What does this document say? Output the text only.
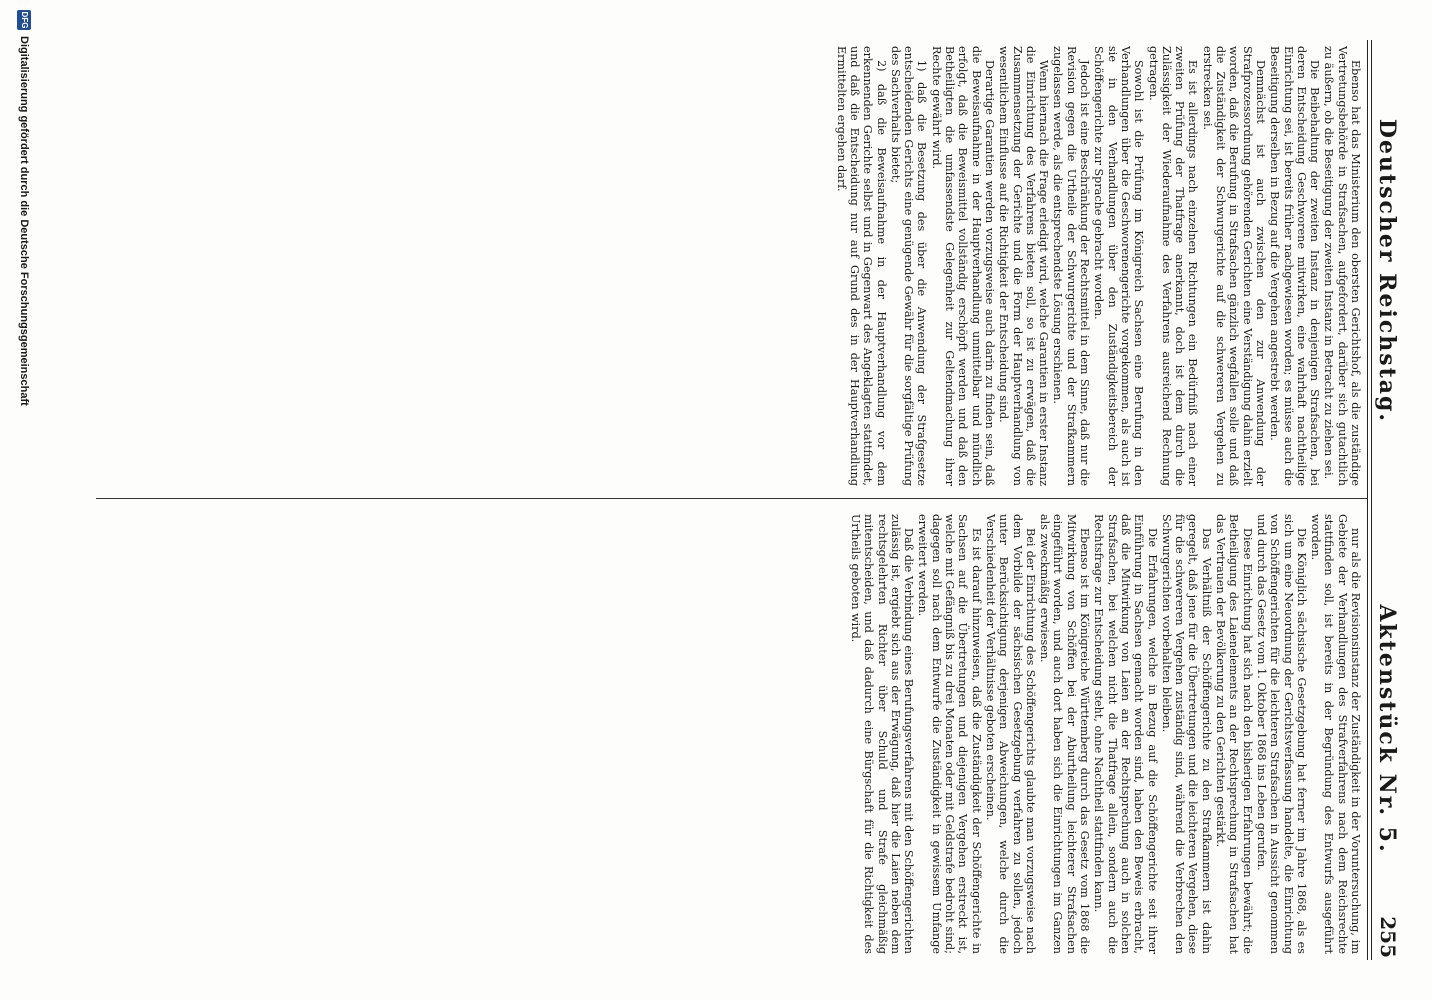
Deutscher Reichstag.
Aktenstück Nr. 5.
255

Ebenso hat das Ministerium den obersten Gerichtshof, als die zuständige Vertretungsbehörde in Strafsachen, aufgefordert, darüber sich gutachtlich zu äußern, ob die Beseitigung der zweiten Instanz in Betracht zu ziehen sei.

Die Beibehaltung der zweiten Instanz in denjenigen Strafsachen, bei deren Entscheidung Geschworene mitwirken, eine wahrhaft nachtheilige Einrichtung sei, ist bereits früher nachgewiesen worden; es müsse auch die Beseitigung derselben in Bezug auf die Vergehen angestrebt werden.

Demnächst ist auch zwischen den zur Anwendung der Strafprozessordnung gehörenden Gerichten eine Verständigung dahin erzielt worden, daß die Berufung in Strafsachen gänzlich wegfallen solle und daß die Zuständigkeit der Schwurgerichte auf die schwereren Vergehen zu erstrecken sei.

Es ist allerdings nach einzelnen Richtungen ein Bedürfniß nach einer zweiten Prüfung der Thatfrage anerkannt, doch ist dem durch die Zulässigkeit der Wiederaufnahme des Verfahrens ausreichend Rechnung getragen.

Sowohl ist die Prüfung im Königreich Sachsen eine Berufung in den Verhandlungen über die Geschworenengerichte vorgekommen, als auch ist sie in den Verhandlungen über den Zuständigkeitsbereich der Schöffengerichte zur Sprache gebracht worden.

Jedoch ist eine Beschränkung der Rechtsmittel in dem Sinne, daß nur die Revision gegen die Urtheile der Schwurgerichte und der Strafkammern zugelassen werde, als die entsprechendste Lösung erschienen.

Wenn hiernach die Frage erledigt wird, welche Garantien in erster Instanz die Einrichtung des Verfahrens bieten soll, so ist zu erwägen, daß die Zusammensetzung der Gerichte und die Form der Hauptverhandlung von wesentlichem Einflusse auf die Richtigkeit der Entscheidung sind.

Derartige Garantien werden vorzugsweise auch darin zu finden sein, daß die Beweisaufnahme in der Hauptverhandlung unmittelbar und mündlich erfolgt, daß die Beweismittel vollständig erschöpft werden und daß den Betheiligten die umfassendste Gelegenheit zur Geltendmachung ihrer Rechte gewährt wird.

1) daß die Besetzung des über die Anwendung der Strafgesetze entscheidenden Gerichts eine genügende Gewähr für die sorgfältige Prüfung des Sachverhalts bietet;

2) daß die Beweisaufnahme in der Hauptverhandlung vor dem erkennenden Gerichte selbst und in Gegenwart des Angeklagten stattfindet, und daß die Entscheidung nur auf Grund des in der Hauptverhandlung Ermittelten ergehen darf.

nur als die Revisionsinstanz der Zuständigkeit in der Voruntersuchung, im Gebiete der Verhandlungen des Strafverfahrens nach dem Reichsrechte stattfinden soll, ist bereits in der Begründung des Entwurfs ausgeführt worden.

Die Königlich sächsische Gesetzgebung hat ferner im Jahre 1868, als es sich um eine Neuordnung der Gerichtsverfassung handelte, die Einrichtung von Schöffengerichten für die leichteren Strafsachen in Aussicht genommen und durch das Gesetz vom 1. Oktober 1868 ins Leben gerufen.

Diese Einrichtung hat sich nach den bisherigen Erfahrungen bewährt; die Betheiligung des Laienelements an der Rechtsprechung in Strafsachen hat das Vertrauen der Bevölkerung zu den Gerichten gestärkt.

Das Verhältniß der Schöffengerichte zu den Strafkammern ist dahin geregelt, daß jene für die Übertretungen und die leichteren Vergehen, diese für die schwereren Vergehen zuständig sind, während die Verbrechen den Schwurgerichten vorbehalten bleiben.

Die Erfahrungen, welche in Bezug auf die Schöffengerichte seit ihrer Einführung in Sachsen gemacht worden sind, haben den Beweis erbracht, daß die Mitwirkung von Laien an der Rechtsprechung auch in solchen Strafsachen, bei welchen nicht die Thatfrage allein, sondern auch die Rechtsfrage zur Entscheidung steht, ohne Nachtheil stattfinden kann.

Ebenso ist im Königreiche Württemberg durch das Gesetz vom 1868 die Mitwirkung von Schöffen bei der Aburtheilung leichterer Strafsachen eingeführt worden, und auch dort haben sich die Einrichtungen im Ganzen als zweckmäßig erwiesen.

Bei der Einrichtung des Schöffengerichts glaubte man vorzugsweise nach dem Vorbilde der sächsischen Gesetzgebung verfahren zu sollen, jedoch unter Berücksichtigung derjenigen Abweichungen, welche durch die Verschiedenheit der Verhältnisse geboten erscheinen.

Es ist darauf hinzuweisen, daß die Zuständigkeit der Schöffengerichte in Sachsen auf die Übertretungen und diejenigen Vergehen erstreckt ist, welche mit Gefängniß bis zu drei Monaten oder mit Geldstrafe bedroht sind; dagegen soll nach dem Entwurfe die Zuständigkeit in gewissem Umfange erweitert werden.

Daß die Verbindung eines Berufungsverfahrens mit den Schöffengerichten zulässig ist, ergiebt sich aus der Erwägung, daß hier die Laien neben dem rechtsgelehrten Richter über Schuld und Strafe gleichmäßig mitentscheiden, und daß dadurch eine Bürgschaft für die Richtigkeit des Urtheils geboten wird.

DFG
Digitalisierung gefördert durch die Deutsche Forschungsgemeinschaft
